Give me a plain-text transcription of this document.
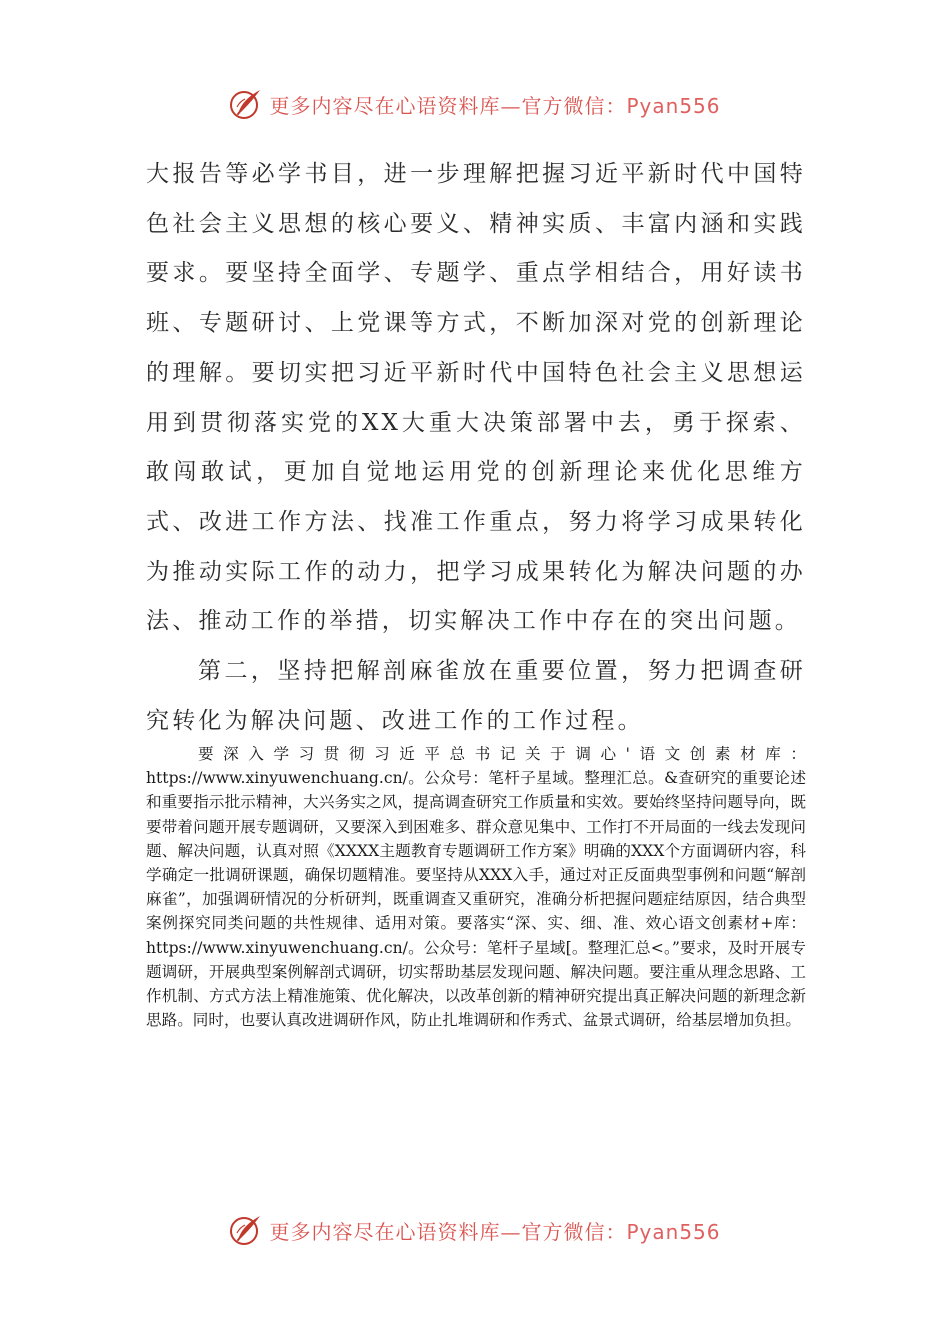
更多内容尽在心语资料库—官方微信：Pyan556

大报告等必学书目，进一步理解把握习近平新时代中国特色社会主义思想的核心要义、精神实质、丰富内涵和实践要求。要坚持全面学、专题学、重点学相结合，用好读书班、专题研讨、上党课等方式，不断加深对党的创新理论的理解。要切实把习近平新时代中国特色社会主义思想运用到贯彻落实党的XX大重大决策部署中去，勇于探索、敢闯敢试，更加自觉地运用党的创新理论来优化思维方式、改进工作方法、找准工作重点，努力将学习成果转化为推动实际工作的动力，把学习成果转化为解决问题的办法、推动工作的举措，切实解决工作中存在的突出问题。

第二，坚持把解剖麻雀放在重要位置，努力把调查研究转化为解决问题、改进工作的工作过程。

要深入学习贯彻习近平总书记关于调心'语文创素材库：https://www.xinyuwenchuang.cn/。公众号：笔杆子星域。整理汇总。&查研究的重要论述和重要指示批示精神，大兴务实之风，提高调查研究工作质量和实效。要始终坚持问题导向，既要带着问题开展专题调研，又要深入到困难多、群众意见集中、工作打不开局面的一线去发现问题、解决问题，认真对照《XXXX主题教育专题调研工作方案》明确的XXX个方面调研内容，科学确定一批调研课题，确保切题精准。要坚持从XXX入手，通过对正反面典型事例和问题“解剖麻雀”，加强调研情况的分析研判，既重调查又重研究，准确分析把握问题症结原因，结合典型案例探究同类问题的共性规律、适用对策。要落实“深、实、细、准、效心语文创素材+库：https://www.xinyuwenchuang.cn/。公众号：笔杆子星域[。整理汇总<。”要求，及时开展专题调研，开展典型案例解剖式调研，切实帮助基层发现问题、解决问题。要注重从理念思路、工作机制、方式方法上精准施策、优化解决，以改革创新的精神研究提出真正解决问题的新理念新思路。同时，也要认真改进调研作风，防止扎堆调研和作秀式、盆景式调研，给基层增加负担。

更多内容尽在心语资料库—官方微信：Pyan556
